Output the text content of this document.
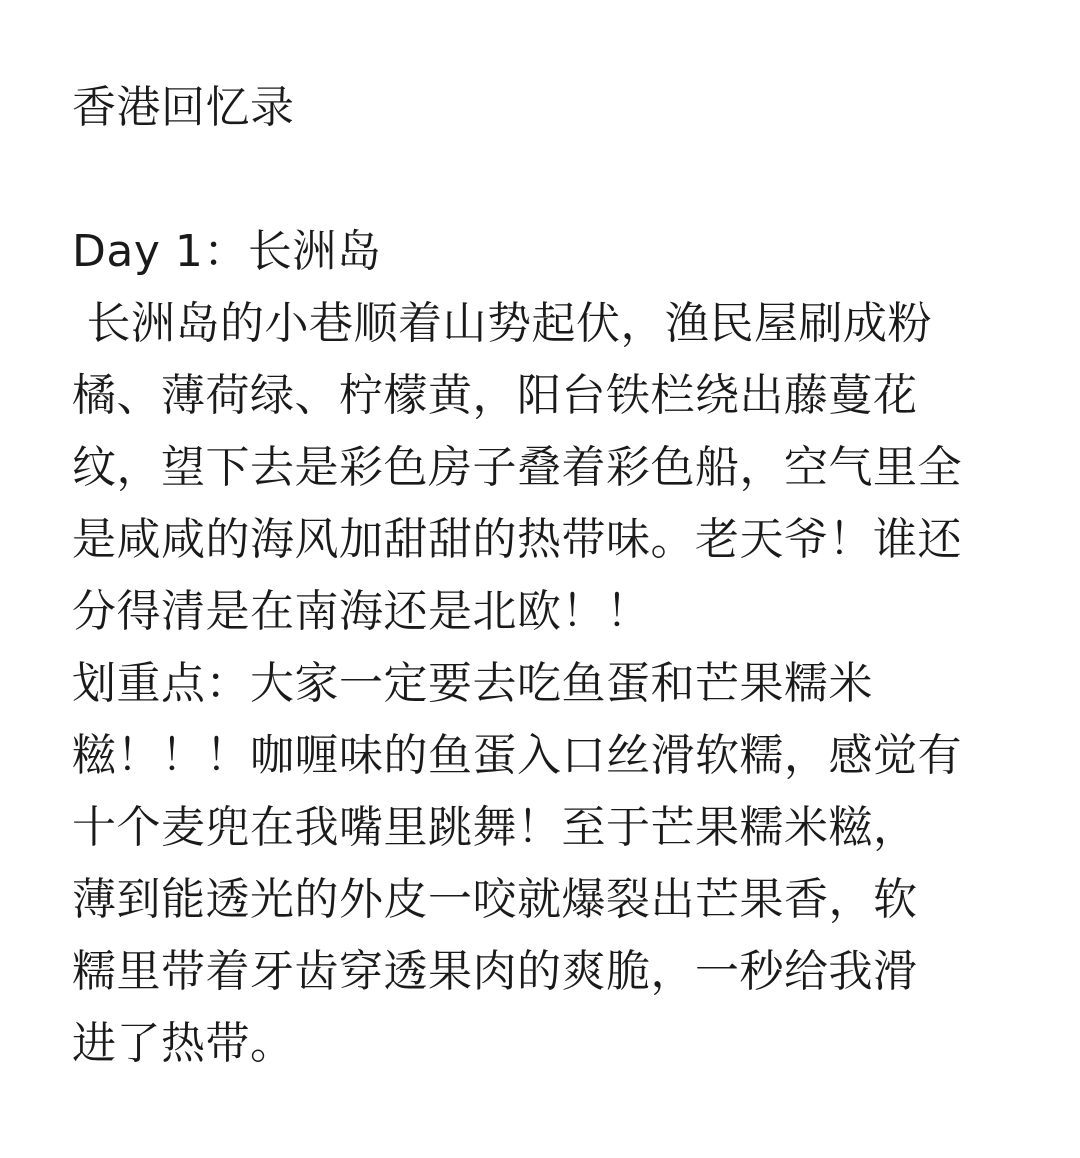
香港回忆录
Day 1：长洲岛
长洲岛的小巷顺着山势起伏，渔民屋刷成粉
橘、薄荷绿、柠檬黄，阳台铁栏绕出藤蔓花
纹，望下去是彩色房子叠着彩色船，空气里全
是咸咸的海风加甜甜的热带味。老天爷！谁还
分得清是在南海还是北欧！！
划重点：大家一定要去吃鱼蛋和芒果糯米
糍！！！咖喱味的鱼蛋入口丝滑软糯，感觉有
十个麦兜在我嘴里跳舞！至于芒果糯米糍，
薄到能透光的外皮一咬就爆裂出芒果香，软
糯里带着牙齿穿透果肉的爽脆，一秒给我滑
进了热带。
